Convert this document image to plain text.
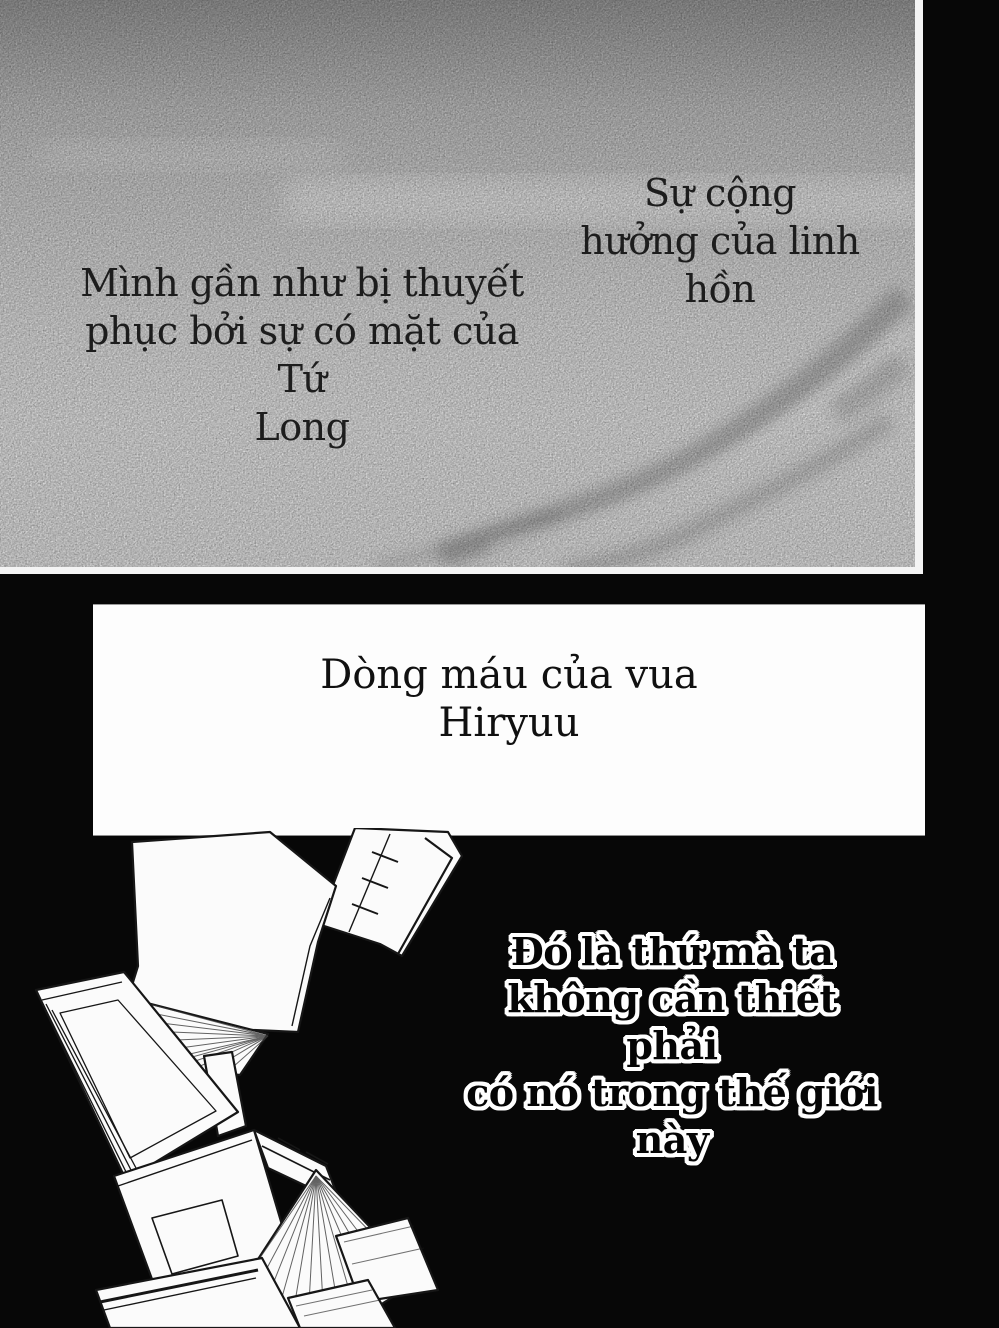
Sự cộng
hưởng của linh
hồn
Mình gần như bị thuyết
phục bởi sự có mặt của Tứ
Long
Dòng máu của vua
Hiryuu
Đó là thứ mà ta
không cần thiết phải
có nó trong thế giới
này
